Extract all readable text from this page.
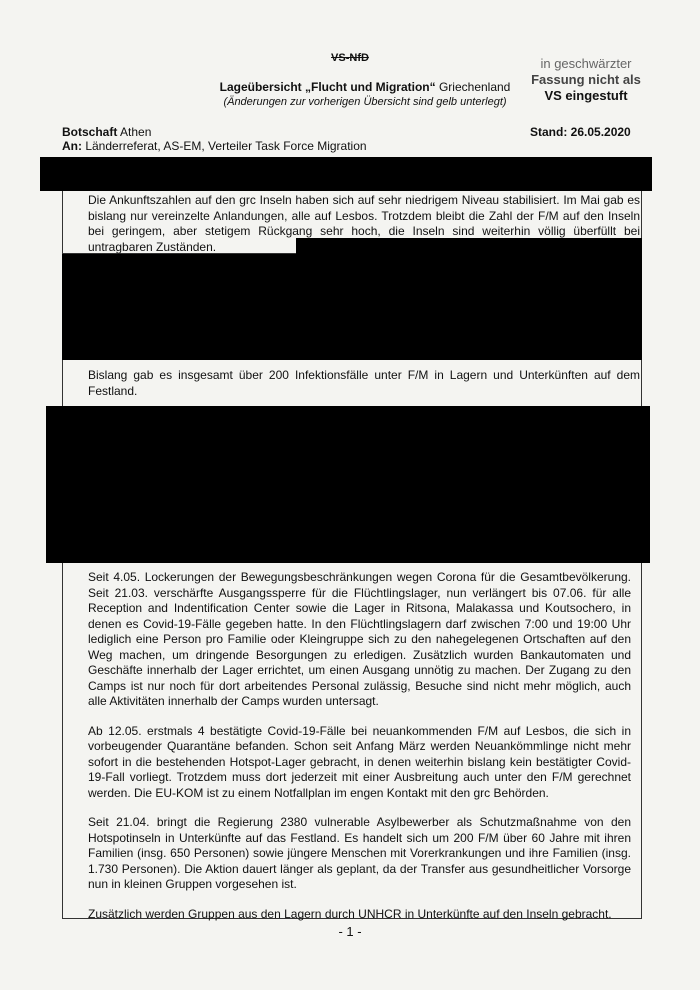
VS-NfD	in geschwärzter
Fassung nicht als
VS eingestuft
Lageübersicht „Flucht und Migration“ Griechenland
(Änderungen zur vorherigen Übersicht sind gelb unterlegt)
Botschaft Athen	Stand: 26.05.2020
An: Länderreferat, AS-EM, Verteiler Task Force Migration
Die Ankunftszahlen auf den grc Inseln haben sich auf sehr niedrigem Niveau stabilisiert. Im Mai gab es bislang nur vereinzelte Anlandungen, alle auf Lesbos. Trotzdem bleibt die Zahl der F/M auf den Inseln bei geringem, aber stetigem Rückgang sehr hoch, die Inseln sind weiterhin völlig überfüllt bei untragbaren Zuständen.
Bislang gab es insgesamt über 200 Infektionsfälle unter F/M in Lagern und Unterkünften auf dem Festland.

Seit 4.05. Lockerungen der Bewegungsbeschränkungen wegen Corona für die Gesamtbevölkerung. Seit 21.03. verschärfte Ausgangssperre für die Flüchtlingslager, nun verlängert bis 07.06. für alle Reception and Indentification Center sowie die Lager in Ritsona, Malakassa und Koutsochero, in denen es Covid-19-Fälle gegeben hatte. In den Flüchtlingslagern darf zwischen 7:00 und 19:00 Uhr lediglich eine Person pro Familie oder Kleingruppe sich zu den nahegelegenen Ortschaften auf den Weg machen, um dringende Besorgungen zu erledigen. Zusätzlich wurden Bankautomaten und Geschäfte innerhalb der Lager errichtet, um einen Ausgang unnötig zu machen. Der Zugang zu den Camps ist nur noch für dort arbeitendes Personal zulässig, Besuche sind nicht mehr möglich, auch alle Aktivitäten innerhalb der Camps wurden untersagt.

Ab 12.05. erstmals 4 bestätigte Covid-19-Fälle bei neuankommenden F/M auf Lesbos, die sich in vorbeugender Quarantäne befanden. Schon seit Anfang März werden Neuankömmlinge nicht mehr sofort in die bestehenden Hotspot-Lager gebracht, in denen weiterhin bislang kein bestätigter Covid-19-Fall vorliegt. Trotzdem muss dort jederzeit mit einer Ausbreitung auch unter den F/M gerechnet werden. Die EU-KOM ist zu einem Notfallplan im engen Kontakt mit den grc Behörden.

Seit 21.04. bringt die Regierung 2380 vulnerable Asylbewerber als Schutzmaßnahme von den Hotspotinseln in Unterkünfte auf das Festland. Es handelt sich um 200 F/M über 60 Jahre mit ihren Familien (insg. 650 Personen) sowie jüngere Menschen mit Vorerkrankungen und ihre Familien (insg. 1.730 Personen). Die Aktion dauert länger als geplant, da der Transfer aus gesundheitlicher Vorsorge nun in kleinen Gruppen vorgesehen ist.

Zusätzlich werden Gruppen aus den Lagern durch UNHCR in Unterkünfte auf den Inseln gebracht.

- 1 -
